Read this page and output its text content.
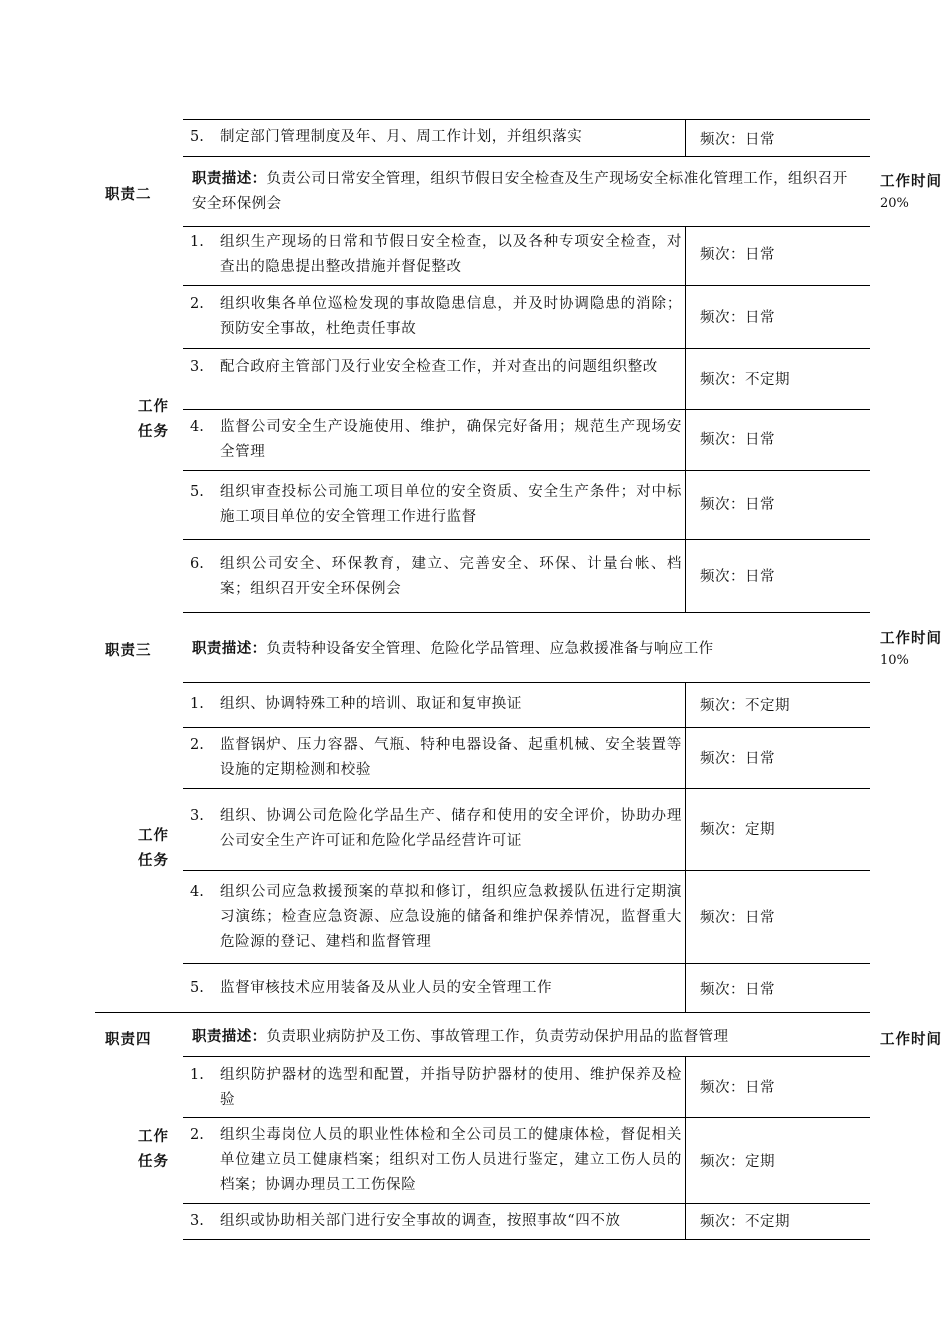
5.	制定部门管理制度及年、月、周工作计划，并组织落实	频次：日常
职责二
职责描述：负责公司日常安全管理，组织节假日安全检查及生产现场安全标准化管理工作，组织召开安全环保例会
工作时间
20%
工作
任务
1.	组织生产现场的日常和节假日安全检查，以及各种专项安全检查，对查出的隐患提出整改措施并督促整改
频次：日常
2.	组织收集各单位巡检发现的事故隐患信息，并及时协调隐患的消除；预防安全事故，杜绝责任事故
频次：日常
3.	配合政府主管部门及行业安全检查工作，并对查出的问题组织整改
频次：不定期
4.	监督公司安全生产设施使用、维护，确保完好备用；规范生产现场安全管理
频次：日常
5.	组织审查投标公司施工项目单位的安全资质、安全生产条件；对中标施工项目单位的安全管理工作进行监督
频次：日常
6.	组织公司安全、环保教育，建立、完善安全、环保、计量台帐、档案；组织召开安全环保例会
频次：日常
职责三	职责描述：负责特种设备安全管理、危险化学品管理、应急救援准备与响应工作
工作时间
10%
工作
任务
1.	组织、协调特殊工种的培训、取证和复审换证	频次：不定期
2.	监督锅炉、压力容器、气瓶、特种电器设备、起重机械、安全装置等设施的定期检测和校验
频次：日常
3.	组织、协调公司危险化学品生产、储存和使用的安全评价，协助办理公司安全生产许可证和危险化学品经营许可证
频次：定期
4.	组织公司应急救援预案的草拟和修订，组织应急救援队伍进行定期演习演练；检查应急资源、应急设施的储备和维护保养情况，监督重大危险源的登记、建档和监督管理
频次：日常
5.	监督审核技术应用装备及从业人员的安全管理工作	频次：日常
职责四	职责描述：负责职业病防护及工伤、事故管理工作，负责劳动保护用品的监督管理	工作时间
工作
任务
1.	组织防护器材的选型和配置，并指导防护器材的使用、维护保养及检验
频次：日常
2.	组织尘毒岗位人员的职业性体检和全公司员工的健康体检，督促相关单位建立员工健康档案；组织对工伤人员进行鉴定，建立工伤人员的档案；协调办理员工工伤保险
频次：定期
3.	组织或协助相关部门进行安全事故的调查，按照事故“四不放	频次：不定期
